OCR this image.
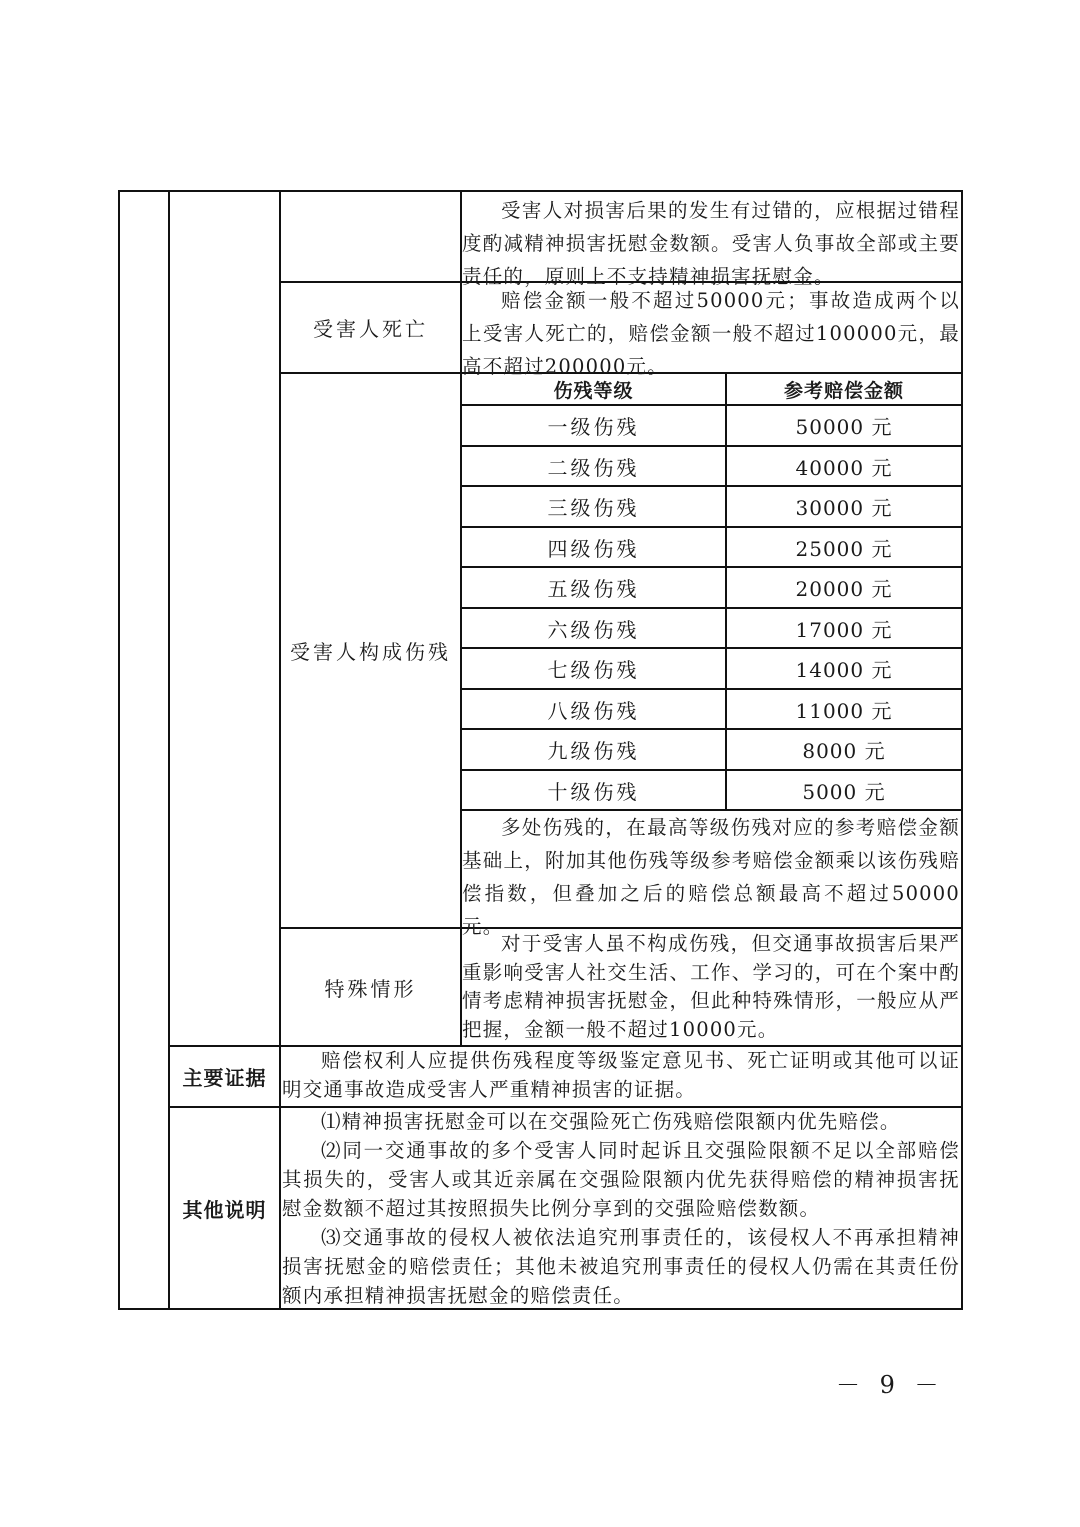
受害人对损害后果的发生有过错的，应根据过错程度酌减精神损害抚慰金数额。受害人负事故全部或主要责任的，原则上不支持精神损害抚慰金。
受害人死亡
赔偿金额一般不超过50000元；事故造成两个以上受害人死亡的，赔偿金额一般不超过100000元，最高不超过200000元。
受害人构成伤残
伤残等级	参考赔偿金额
一级伤残	50000 元
二级伤残	40000 元
三级伤残	30000 元
四级伤残	25000 元
五级伤残	20000 元
六级伤残	17000 元
七级伤残	14000 元
八级伤残	11000 元
九级伤残	8000 元
十级伤残	5000 元
多处伤残的，在最高等级伤残对应的参考赔偿金额基础上，附加其他伤残等级参考赔偿金额乘以该伤残赔偿指数，但叠加之后的赔偿总额最高不超过50000元。
特殊情形
对于受害人虽不构成伤残，但交通事故损害后果严重影响受害人社交生活、工作、学习的，可在个案中酌情考虑精神损害抚慰金，但此种特殊情形，一般应从严把握，金额一般不超过10000元。
主要证据
赔偿权利人应提供伤残程度等级鉴定意见书、死亡证明或其他可以证明交通事故造成受害人严重精神损害的证据。
其他说明
⑴精神损害抚慰金可以在交强险死亡伤残赔偿限额内优先赔偿。
⑵同一交通事故的多个受害人同时起诉且交强险限额不足以全部赔偿其损失的，受害人或其近亲属在交强险限额内优先获得赔偿的精神损害抚慰金数额不超过其按照损失比例分享到的交强险赔偿数额。
⑶交通事故的侵权人被依法追究刑事责任的，该侵权人不再承担精神损害抚慰金的赔偿责任；其他未被追究刑事责任的侵权人仍需在其责任份额内承担精神损害抚慰金的赔偿责任。
－ 9 －
